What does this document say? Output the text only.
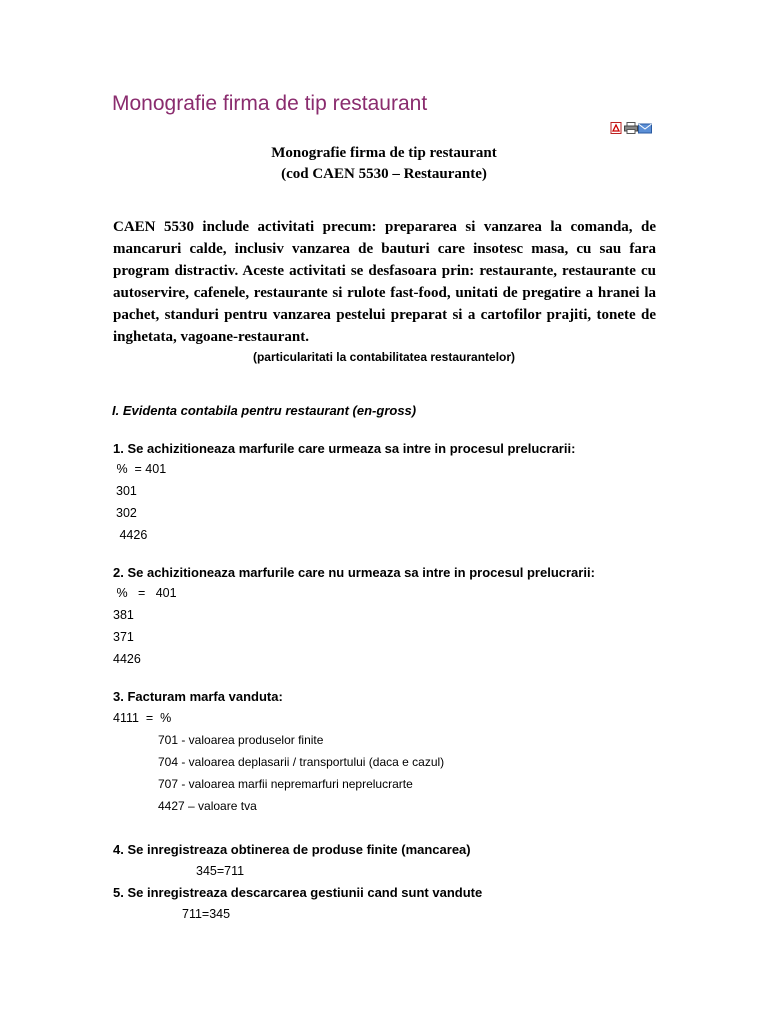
Monografie firma de tip restaurant
Monografie firma de tip restaurant
(cod CAEN 5530 – Restaurante)
CAEN 5530 include activitati precum: prepararea si vanzarea la comanda, de
mancaruri calde, inclusiv vanzarea de bauturi care insotesc masa, cu sau fara
program distractiv. Aceste activitati se desfasoara prin: restaurante, restaurante cu
autoservire, cafenele, restaurante si rulote fast-food, unitati de pregatire a hranei la
pachet, standuri pentru vanzarea pestelui preparat si a cartofilor prajiti, tonete de
inghetata, vagoane-restaurant.
(particularitati la contabilitatea restaurantelor)
I. Evidenta contabila pentru restaurant (en-gross)
1. Se achizitioneaza marfurile care urmeaza sa intre in procesul prelucrarii:
%  = 401
301
302
4426
2. Se achizitioneaza marfurile care nu urmeaza sa intre in procesul prelucrarii:
%   =   401
381
371
4426
3. Facturam marfa vanduta:
4111  =  %
701 - valoarea produselor finite
704 - valoarea deplasarii / transportului (daca e cazul)
707 - valoarea marfii nepremarfuri neprelucrarte
4427 – valoare tva
4. Se inregistreaza obtinerea de produse finite (mancarea)
345=711
5. Se inregistreaza descarcarea gestiunii cand sunt vandute
711=345
